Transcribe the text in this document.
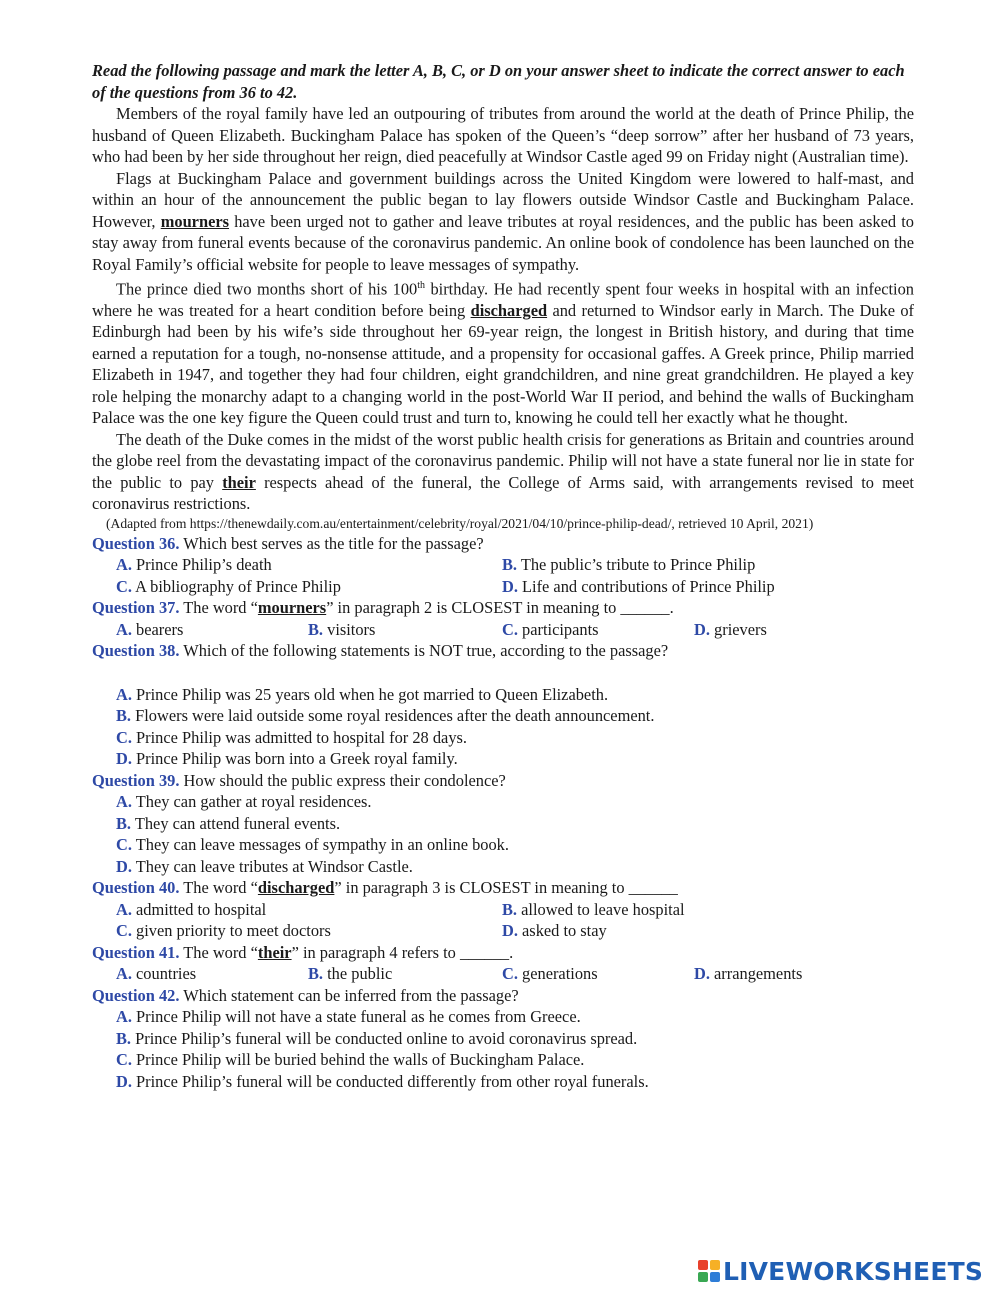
Read the following passage and mark the letter A, B, C, or D on your answer sheet to indicate the correct answer to each of the questions from 36 to 42.

Members of the royal family have led an outpouring of tributes from around the world at the death of Prince Philip, the husband of Queen Elizabeth. Buckingham Palace has spoken of the Queen’s “deep sorrow” after her husband of 73 years, who had been by her side throughout her reign, died peacefully at Windsor Castle aged 99 on Friday night (Australian time).

Flags at Buckingham Palace and government buildings across the United Kingdom were lowered to half-mast, and within an hour of the announcement the public began to lay flowers outside Windsor Castle and Buckingham Palace. However, mourners have been urged not to gather and leave tributes at royal residences, and the public has been asked to stay away from funeral events because of the coronavirus pandemic. An online book of condolence has been launched on the Royal Family’s official website for people to leave messages of sympathy.

The prince died two months short of his 100th birthday. He had recently spent four weeks in hospital with an infection where he was treated for a heart condition before being discharged and returned to Windsor early in March. The Duke of Edinburgh had been by his wife’s side throughout her 69-year reign, the longest in British history, and during that time earned a reputation for a tough, no-nonsense attitude, and a propensity for occasional gaffes. A Greek prince, Philip married Elizabeth in 1947, and together they had four children, eight grandchildren, and nine great grandchildren. He played a key role helping the monarchy adapt to a changing world in the post-World War II period, and behind the walls of Buckingham Palace was the one key figure the Queen could trust and turn to, knowing he could tell her exactly what he thought.

The death of the Duke comes in the midst of the worst public health crisis for generations as Britain and countries around the globe reel from the devastating impact of the coronavirus pandemic. Philip will not have a state funeral nor lie in state for the public to pay their respects ahead of the funeral, the College of Arms said, with arrangements revised to meet coronavirus restrictions.

(Adapted from https://thenewdaily.com.au/entertainment/celebrity/royal/2021/04/10/prince-philip-dead/, retrieved 10 April, 2021)

Question 36. Which best serves as the title for the passage?

A. Prince Philip’s death	B. The public’s tribute to Prince Philip
C. A bibliography of Prince Philip	D. Life and contributions of Prince Philip

Question 37. The word “mourners” in paragraph 2 is CLOSEST in meaning to ______.

A. bearers	B. visitors	C. participants	D. grievers

Question 38. Which of the following statements is NOT true, according to the passage?

A. Prince Philip was 25 years old when he got married to Queen Elizabeth.
B. Flowers were laid outside some royal residences after the death announcement.
C. Prince Philip was admitted to hospital for 28 days.
D. Prince Philip was born into a Greek royal family.

Question 39. How should the public express their condolence?

A. They can gather at royal residences.
B. They can attend funeral events.
C. They can leave messages of sympathy in an online book.
D. They can leave tributes at Windsor Castle.

Question 40. The word “discharged” in paragraph 3 is CLOSEST in meaning to ______

A. admitted to hospital	B. allowed to leave hospital
C. given priority to meet doctors	D. asked to stay

Question 41. The word “their” in paragraph 4 refers to ______.

A. countries	B. the public	C. generations	D. arrangements

Question 42. Which statement can be inferred from the passage?

A. Prince Philip will not have a state funeral as he comes from Greece.
B. Prince Philip’s funeral will be conducted online to avoid coronavirus spread.
C. Prince Philip will be buried behind the walls of Buckingham Palace.
D. Prince Philip’s funeral will be conducted differently from other royal funerals.
LIVEWORKSHEETS
